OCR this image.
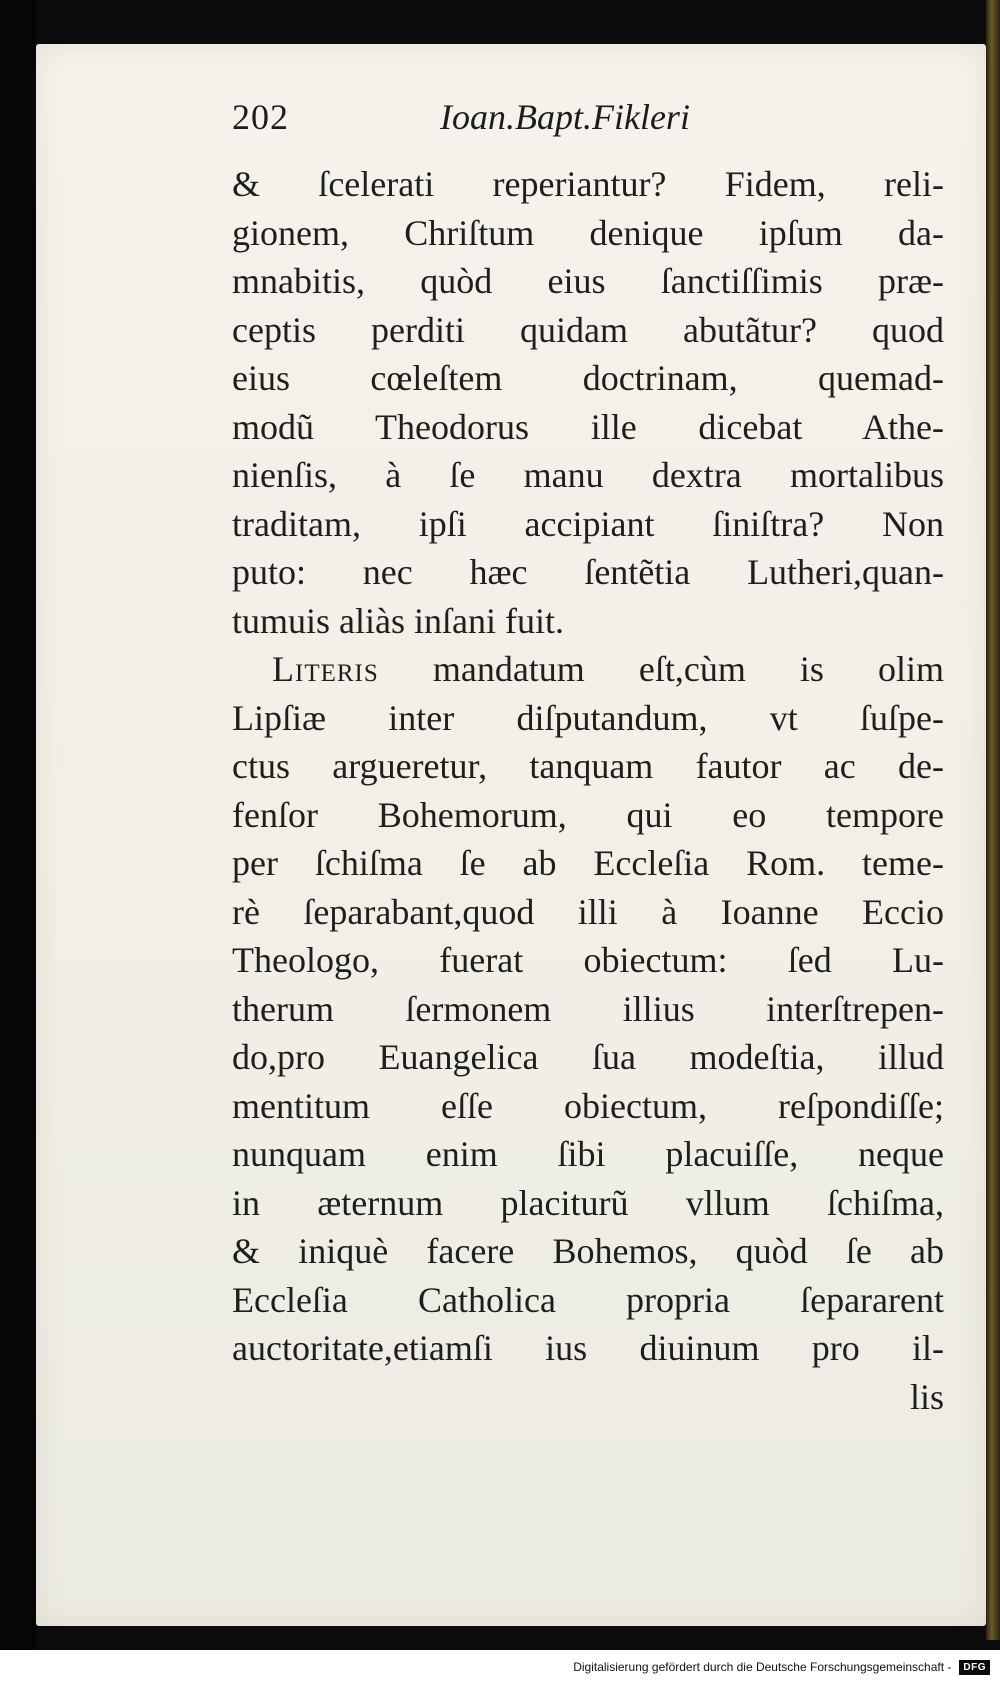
202	Ioan.Bapt.Fikleri
& ſcelerati reperiantur? Fidem, reli-
gionem, Chriſtum denique ipſum da-
mnabitis, quòd eius ſanctiſſimis præ-
ceptis perditi quidam abutãtur? quod
eius cœleſtem doctrinam, quemad-
modũ Theodorus ille dicebat Athe-
nienſis, à ſe manu dextra mortalibus
traditam, ipſi accipiant ſiniſtra? Non
puto: nec hæc ſentẽtia Lutheri,quan-
tumuis aliàs inſani fuit.
Literis mandatum eſt,cùm is olim
Lipſiæ inter diſputandum, vt ſuſpe-
ctus argueretur, tanquam fautor ac de-
fenſor Bohemorum, qui eo tempore
per ſchiſma ſe ab Eccleſia Rom. teme-
rè ſeparabant,quod illi à Ioanne Eccio
Theologo, fuerat obiectum: ſed Lu-
therum ſermonem illius interſtrepen-
do,pro Euangelica ſua modeſtia, illud
mentitum eſſe obiectum, reſpondiſſe;
nunquam enim ſibi placuiſſe, neque
in æternum placiturũ vllum ſchiſma,
& iniquè facere Bohemos, quòd ſe ab
Eccleſia Catholica propria ſepararent
auctoritate,etiamſi ius diuinum pro il-
lis
Digitalisierung gefördert durch die Deutsche Forschungsgemeinschaft -	DFG
